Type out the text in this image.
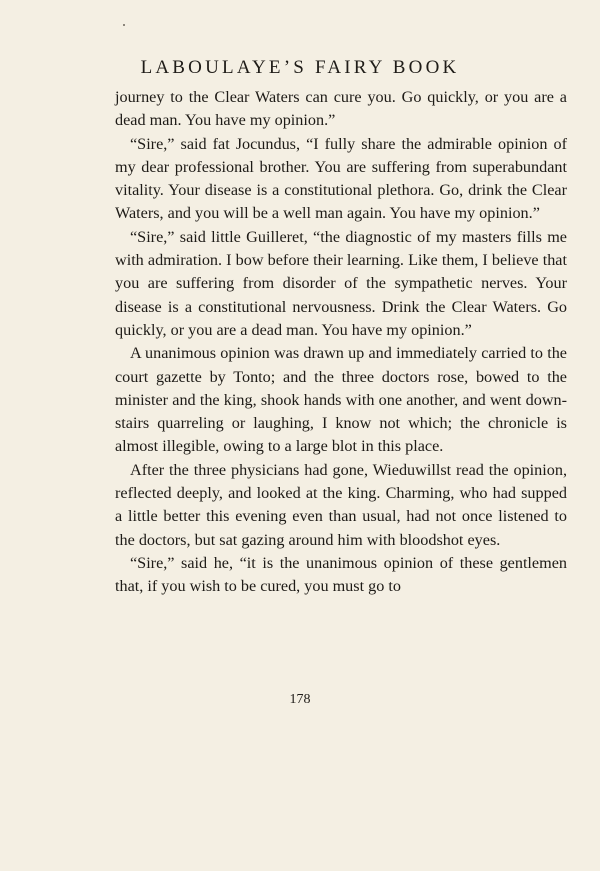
LABOULAYE’S FAIRY BOOK

journey to the Clear Waters can cure you. Go quickly, or you are a dead man. You have my opinion.”

“Sire,” said fat Jocundus, “I fully share the admirable opinion of my dear professional brother. You are suffering from superabundant vitality. Your disease is a constitutional plethora. Go, drink the Clear Waters, and you will be a well man again. You have my opinion.”

“Sire,” said little Guilleret, “the diagnostic of my masters fills me with admiration. I bow before their learning. Like them, I believe that you are suffering from disorder of the sympathetic nerves. Your disease is a constitutional nervousness. Drink the Clear Waters. Go quickly, or you are a dead man. You have my opinion.”

A unanimous opinion was drawn up and immediately carried to the court gazette by Tonto; and the three doctors rose, bowed to the minister and the king, shook hands with one another, and went down-stairs quarreling or laughing, I know not which; the chronicle is almost illegible, owing to a large blot in this place.

After the three physicians had gone, Wieduwillst read the opinion, reflected deeply, and looked at the king. Charming, who had supped a little better this evening even than usual, had not once listened to the doctors, but sat gazing around him with bloodshot eyes.

“Sire,” said he, “it is the unanimous opinion of these gentlemen that, if you wish to be cured, you must go to

178
